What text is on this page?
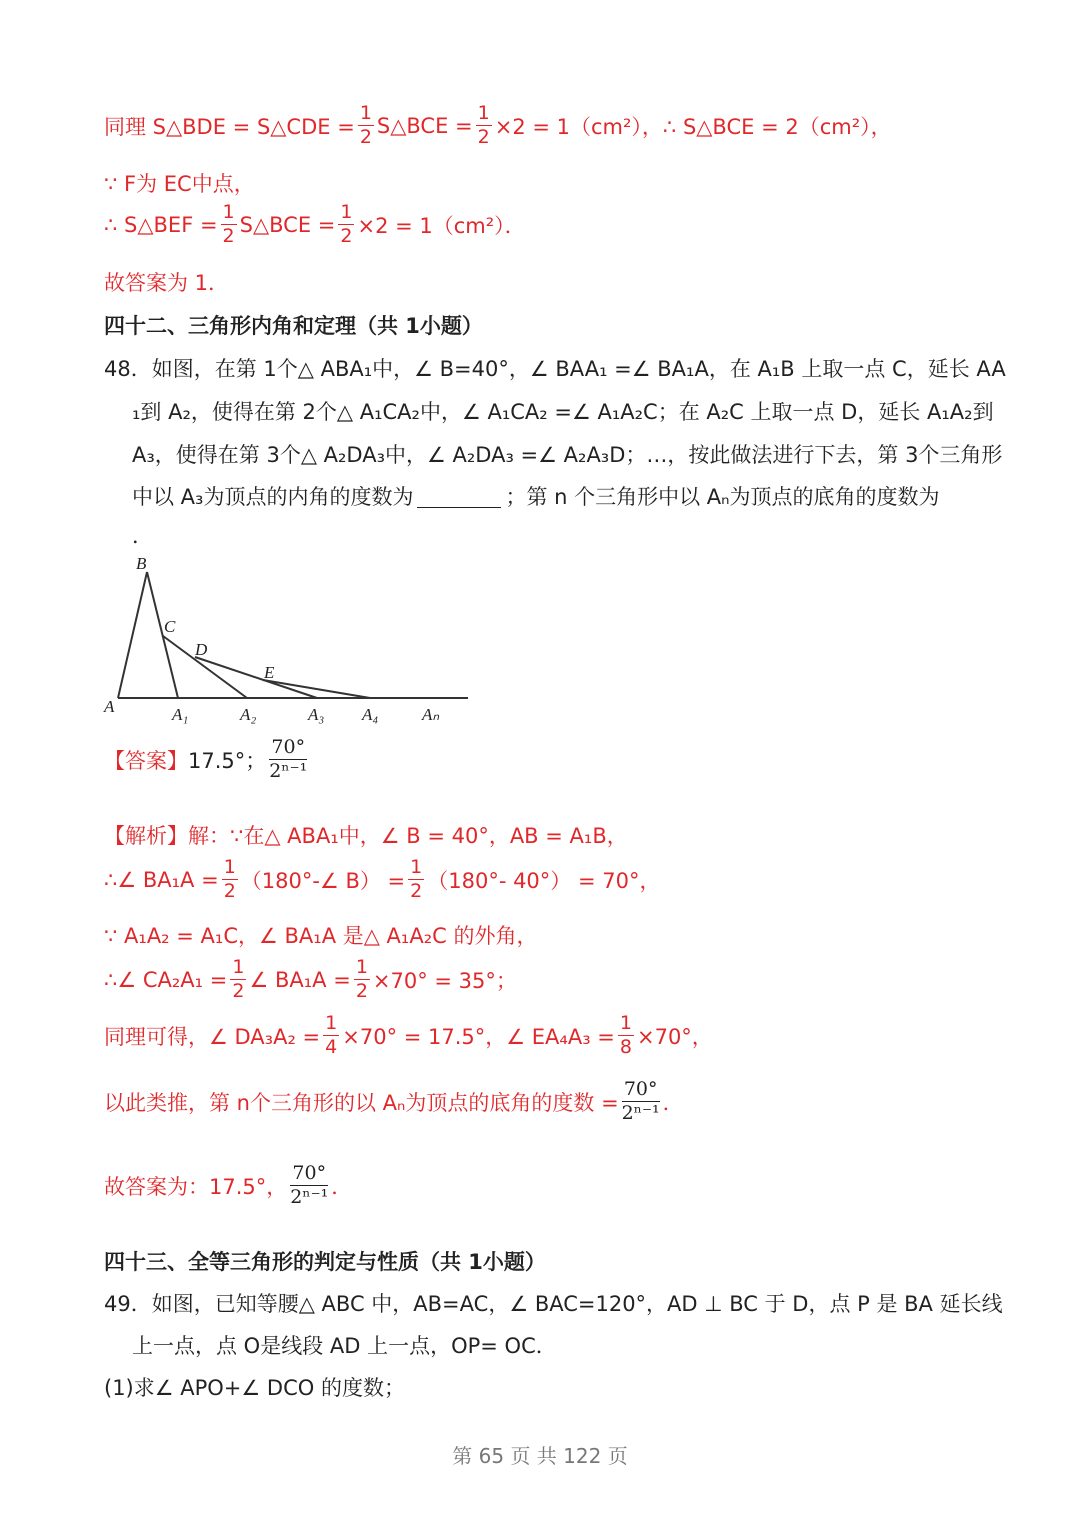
同理 S△BDE = S△CDE = $\frac{1}{2}$ S△BCE = $\frac{1}{2} \times 2 = 1(cm^2)$，∴ S△BCE = 2（cm²），
∵ F为 EC中点，
∴ S△BEF = $\frac{1}{2}$ S△BCE = $\frac{1}{2} \times 2 = 1(cm^2)$．
故答案为 1．
四十二、三角形内角和定理（共 1小题）
48．如图，在第 1个△ ABA₁中，∠ B=40°，∠ BAA₁ =∠ BA₁A，在 A₁B 上取一点 C，延长 AA
₁到 A₂，使得在第 2个△ A₁CA₂中，∠ A₁CA₂ =∠ A₁A₂C；在 A₂C 上取一点 D，延长 A₁A₂到
A₃，使得在第 3个△ A₂DA₃中，∠ A₂DA₃ =∠ A₂A₃D；…，按此做法进行下去，第 3个三角形
中以 A₃为顶点的内角的度数为	；第 n 个三角形中以 Aₙ为顶点的底角的度数为
．
B
C
D
E
A	A₁	A₂	A₃ A₄	Aₙ
【答案】 17.5°； $\frac{70^\circ}{\text{2ⁿ⁻¹}}$
【解析】 解：∵在△ ABA₁中，∠ B = 40°，AB = A₁B，
∴∠ $BA_1A = \frac{1}{2}$ （180°-∠ $B) = \frac{1}{2} (180^\circ-$ 40°） = 70°，
∵ A₁A₂ = A₁C，∠ BA₁A 是△ A₁A₂C 的外角，
∴∠ $CA_2A_1 = \frac{1}{2}$ ∠ $BA_1A = \frac{1}{2} \times 70^\circ = 35^\circ$；
同理可得，∠ $DA_3A_2 = \frac{1}{4} \times 70^\circ = 17.5^\circ$，∠ $EA_4A_3 = \frac{1}{8} \times 70^\circ$，
以此类推，第 n个三角形的以 Aₙ为顶点的底角的度数 = $\frac{70^\circ}{\text{2ⁿ⁻¹}}$ ．
故答案为：17.5°， $\frac{70^\circ}{\text{2ⁿ⁻¹}}$ ．
四十三、全等三角形的判定与性质（共 1小题）
49．如图，已知等腰△ ABC 中，AB=AC，∠ BAC=120°，AD ⊥ BC 于 D，点 P 是 BA 延长线
上一点，点 O是线段 AD 上一点，OP= OC．
(1)求∠ APO+∠ DCO 的度数；
第 65 页 共 122 页
